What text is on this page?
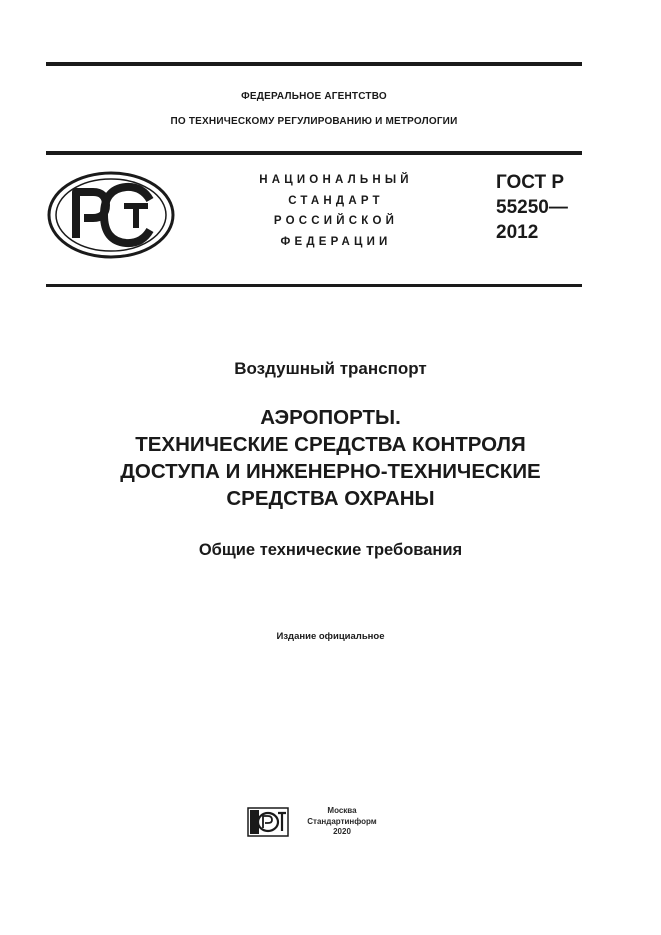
ФЕДЕРАЛЬНОЕ АГЕНТСТВО
ПО ТЕХНИЧЕСКОМУ РЕГУЛИРОВАНИЮ И МЕТРОЛОГИИ
НАЦИОНАЛЬНЫЙ
СТАНДАРТ
РОССИЙСКОЙ
ФЕДЕРАЦИИ
ГОСТ Р
55250—
2012
Воздушный транспорт
АЭРОПОРТЫ.
ТЕХНИЧЕСКИЕ СРЕДСТВА КОНТРОЛЯ
ДОСТУПА И ИНЖЕНЕРНО-ТЕХНИЧЕСКИЕ
СРЕДСТВА ОХРАНЫ
Общие технические требования
Издание официальное
Москва
Стандартинформ
2020
